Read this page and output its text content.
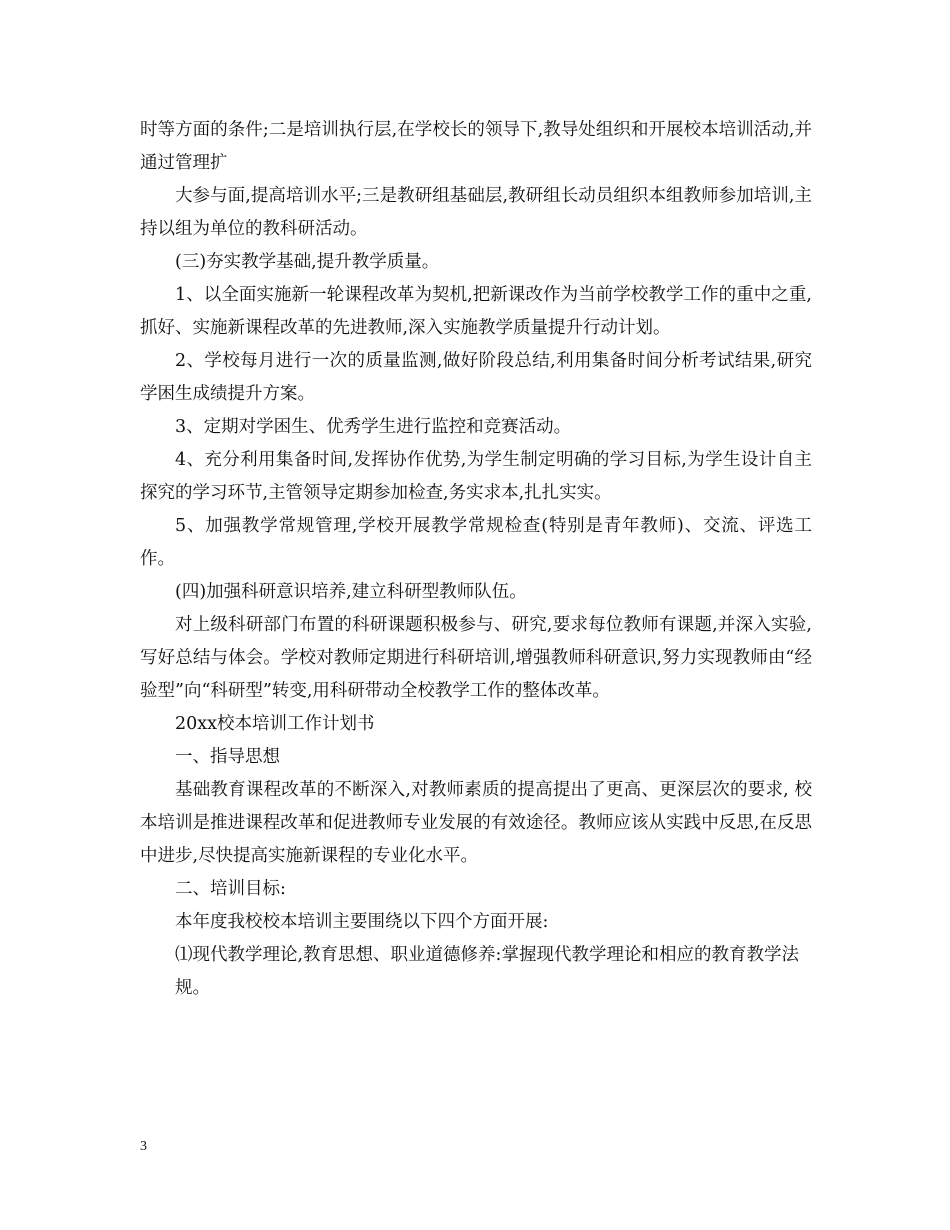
时等方面的条件;二是培训执行层,在学校长的领导下,教导处组织和开展校本培训活动,并通过管理扩

大参与面,提高培训水平;三是教研组基础层,教研组长动员组织本组教师参加培训,主持以组为单位的教科研活动。

(三)夯实教学基础,提升教学质量。

1、以全面实施新一轮课程改革为契机,把新课改作为当前学校教学工作的重中之重,抓好、实施新课程改革的先进教师,深入实施教学质量提升行动计划。

2、学校每月进行一次的质量监测,做好阶段总结,利用集备时间分析考试结果,研究学困生成绩提升方案。

3、定期对学困生、优秀学生进行监控和竞赛活动。

4、充分利用集备时间,发挥协作优势,为学生制定明确的学习目标,为学生设计自主探究的学习环节,主管领导定期参加检查,务实求本,扎扎实实。

5、加强教学常规管理,学校开展教学常规检查(特别是青年教师)、交流、评选工作。

(四)加强科研意识培养,建立科研型教师队伍。

对上级科研部门布置的科研课题积极参与、研究,要求每位教师有课题,并深入实验,写好总结与体会。学校对教师定期进行科研培训,增强教师科研意识,努力实现教师由“经验型”向“科研型”转变,用科研带动全校教学工作的整体改革。

20xx校本培训工作计划书

一、指导思想

基础教育课程改革的不断深入,对教师素质的提高提出了更高、更深层次的要求, 校本培训是推进课程改革和促进教师专业发展的有效途径。教师应该从实践中反思,在反思中进步,尽快提高实施新课程的专业化水平。

二、培训目标:

本年度我校校本培训主要围绕以下四个方面开展:

⑴现代教学理论,教育思想、职业道德修养:掌握现代教学理论和相应的教育教学法

规。

3
